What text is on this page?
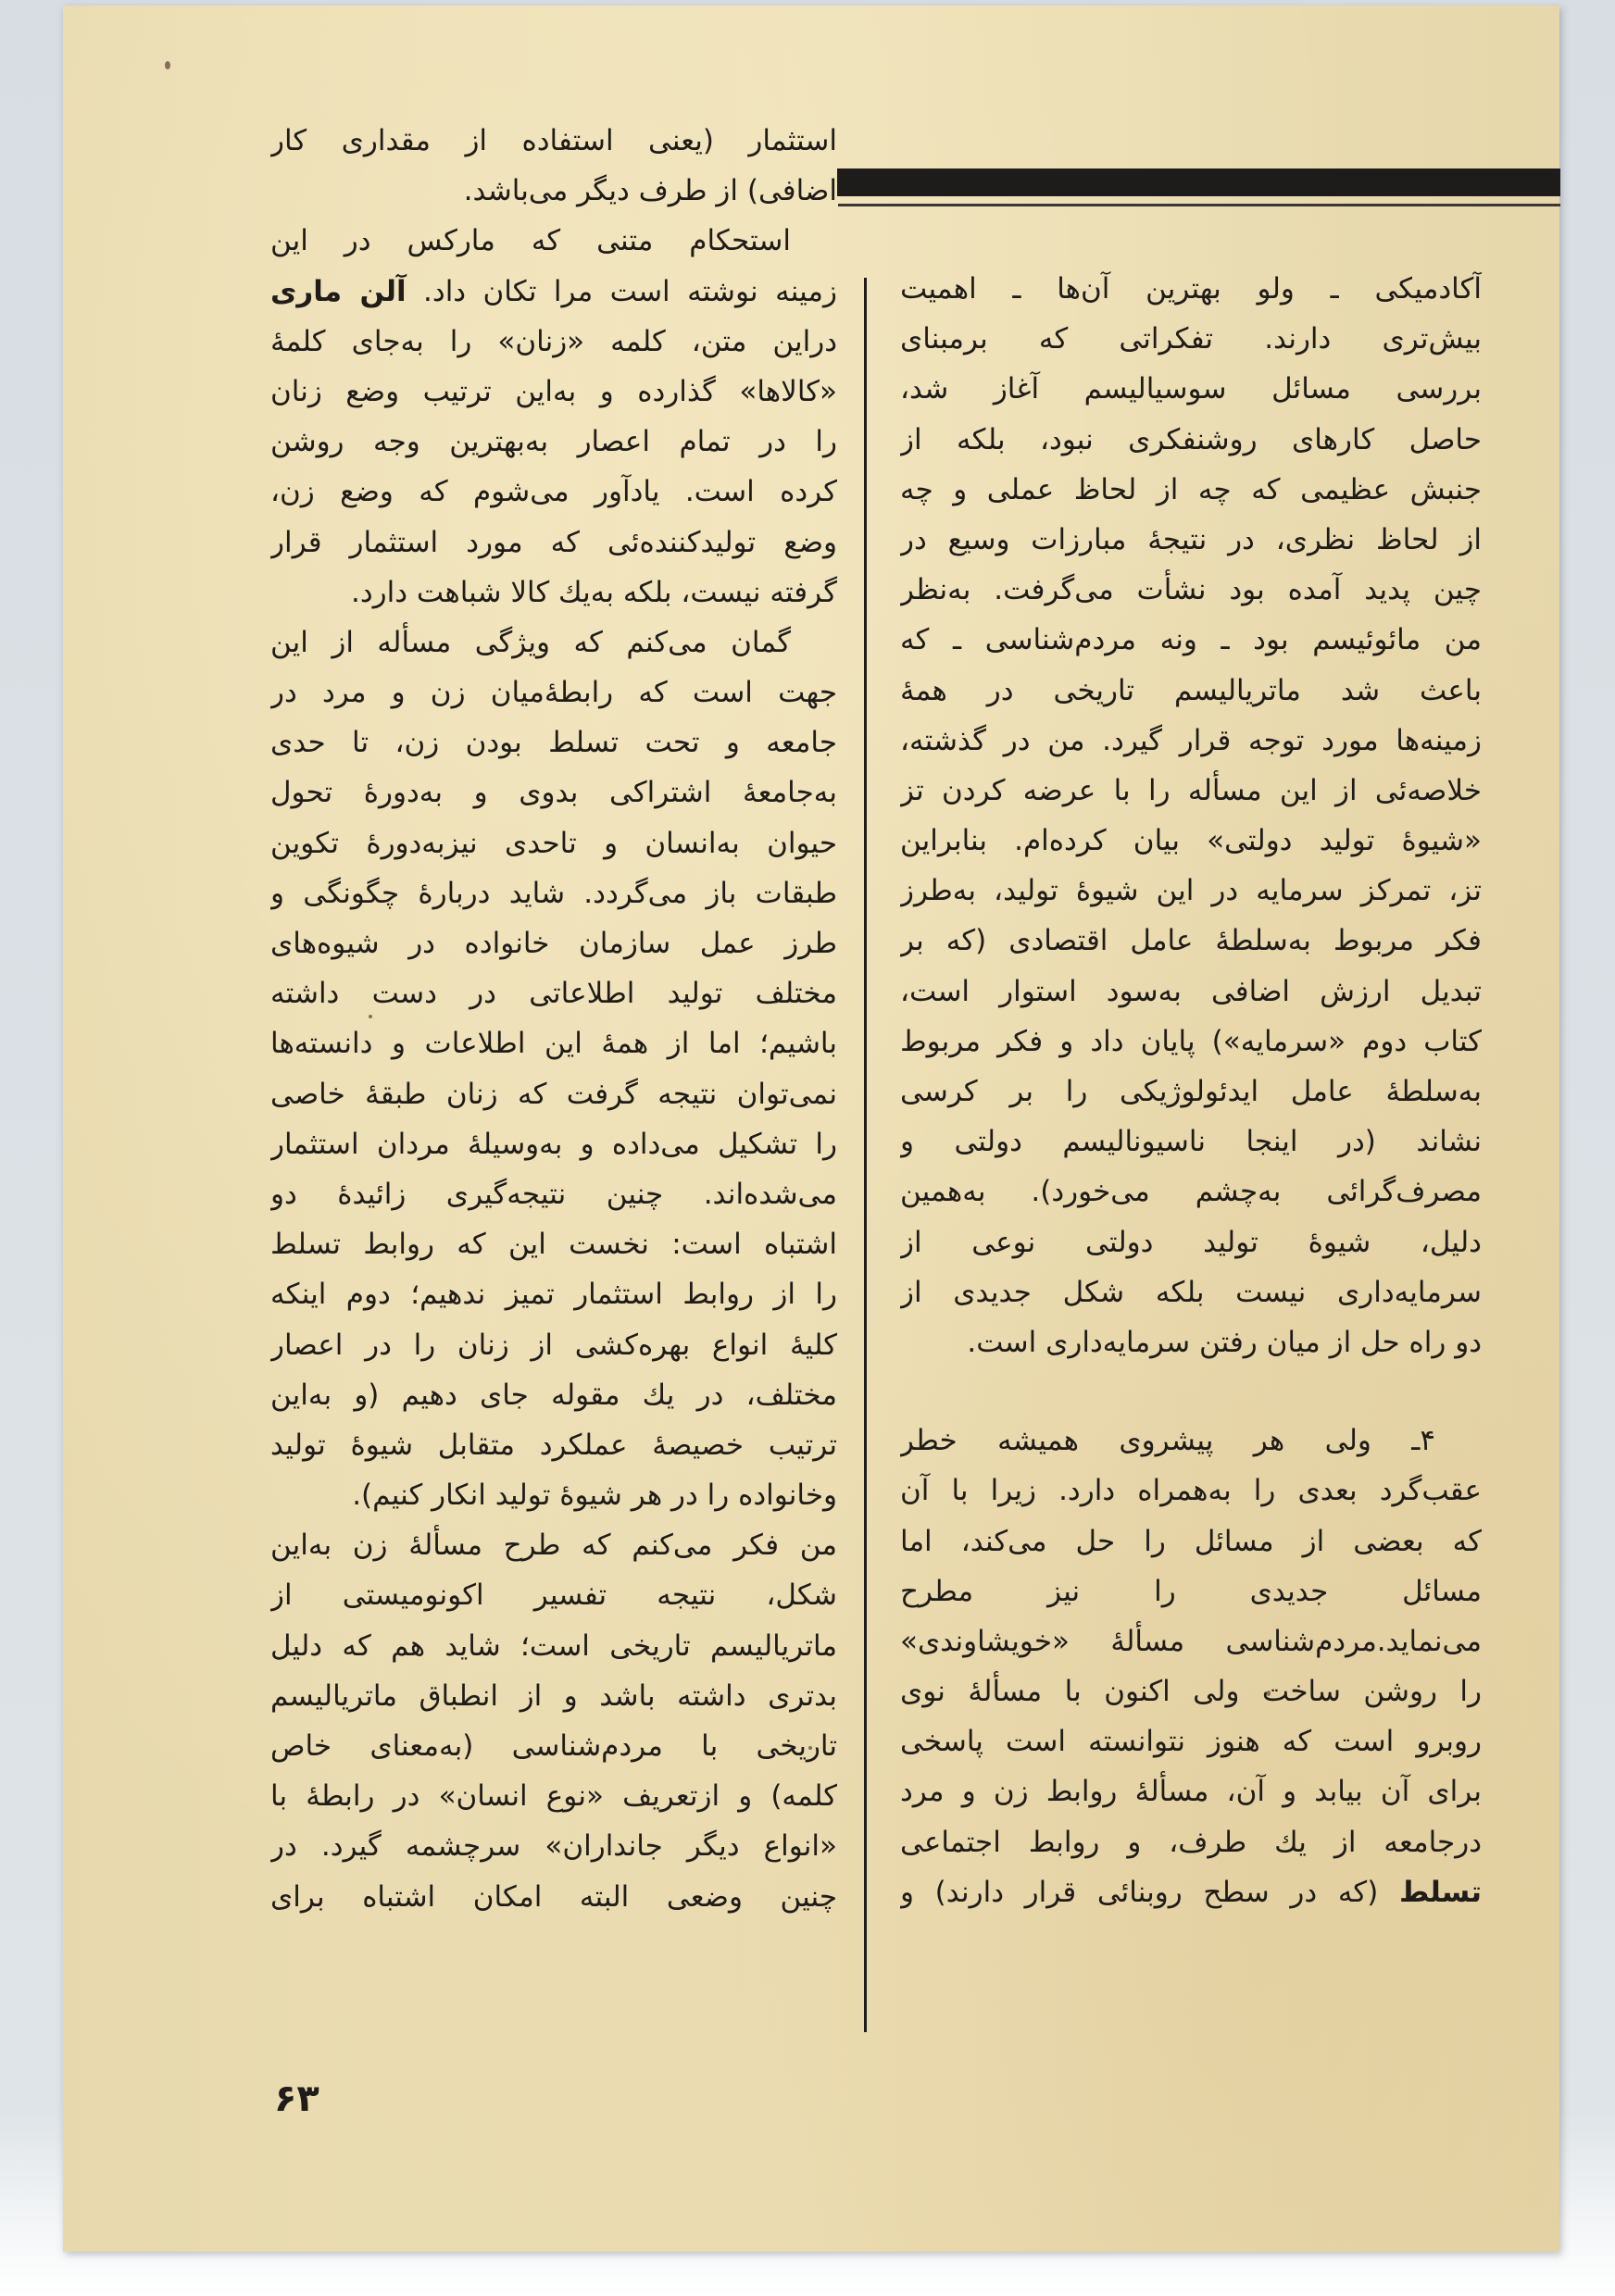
استثمار (یعنی استفاده از مقداری کار
اضافی) از طرف دیگر می‌باشد.
استحکام متنی که مارکس در این
زمینه نوشته است مرا تکان داد. آلن ماری
دراین متن، کلمه «زنان» را به‌جای کلمهٔ
«کالاها» گذارده و به‌این ترتیب وضع زنان
را در تمام اعصار به‌بهترین وجه روشن
کرده است. یادآور می‌شوم که وضع زن،
وضع تولیدکننده‌ئی که مورد استثمار قرار
گرفته نیست، بلکه به‌یك کالا شباهت دارد.
گمان می‌کنم که ویژگی مسأله از این
جهت است که رابطهٔ‌میان زن و مرد در
جامعه و تحت تسلط بودن زن، تا حدی
به‌جامعهٔ اشتراکی بدوی و به‌دورهٔ تحول
حیوان به‌انسان و تاحدی نیزبه‌دورهٔ تکوین
طبقات باز می‌گردد. شاید دربارهٔ چگونگی و
طرز عمل سازمان خانواده در شیوه‌های
مختلف تولید اطلاعاتی در دست داشته
باشیم؛ اما از همهٔ این اطلاعات و دانسته‌ها
نمی‌توان نتیجه گرفت که زنان طبقهٔ خاصی
را تشکیل می‌داده و به‌وسیلهٔ مردان استثمار
می‌شده‌اند. چنین نتیجه‌گیری زائیدهٔ دو
اشتباه است: نخست این که روابط تسلط
را از روابط استثمار تمیز ندهیم؛ دوم اینکه
کلیهٔ انواع بهره‌کشی از زنان را در اعصار
مختلف، در یك مقوله جای دهیم (و به‌این
ترتیب خصیصهٔ عملکرد متقابل شیوهٔ تولید
وخانواده را در هر شیوهٔ تولید انکار کنیم).
من فکر می‌کنم که طرح مسألهٔ زن به‌این
شکل، نتیجه تفسیر اکونومیستی از
ماتریالیسم تاریخی است؛ شاید هم که دلیل
بدتری داشته باشد و از انطباق ماتریالیسم
تاریخی با مردم‌شناسی (به‌معنای خاص
کلمه) و ازتعریف «نوع انسان» در رابطهٔ با
«انواع دیگر جانداران» سرچشمه گیرد. در
چنین وضعی البته امکان اشتباه برای
آکادمیکی ـ ولو بهترین آن‌ها ـ اهمیت
بیش‌تری دارند. تفکراتی که برمبنای
بررسی مسائل سوسیالیسم آغاز شد،
حاصل کارهای روشنفکری نبود، بلکه از
جنبش عظیمی که چه از لحاظ عملی و چه
از لحاظ نظری، در نتیجهٔ مبارزات وسیع در
چین پدید آمده بود نشأت می‌گرفت. به‌نظر
من مائوئیسم بود ـ ونه مردم‌شناسی ـ که
باعث شد ماتریالیسم تاریخی در همهٔ
زمینه‌ها مورد توجه قرار گیرد. من در گذشته،
خلاصه‌ئی از این مسأله را با عرضه کردن تز
«شیوهٔ تولید دولتی» بیان کرده‌ام. بنابراین
تز، تمرکز سرمایه در این شیوهٔ تولید، به‌طرز
فکر مربوط به‌سلطهٔ عامل اقتصادی (که بر
تبدیل ارزش اضافی به‌سود استوار است،
کتاب دوم «سرمایه») پایان داد و فکر مربوط
به‌سلطهٔ عامل ایدئولوژیکی را بر کرسی
نشاند (در اینجا ناسیونالیسم دولتی و
مصرف‌گرائی به‌چشم می‌خورد). به‌همین
دلیل، شیوهٔ تولید دولتی نوعی از
سرمایه‌داری نیست بلکه شکل جدیدی از
دو راه حل از میان رفتن سرمایه‌داری است.
۴ـ ولی هر پیشروی همیشه خطر
عقب‌گرد بعدی را به‌همراه دارد. زیرا با آن
که بعضی از مسائل را حل می‌کند، اما
مسائل جدیدی را نیز مطرح
می‌نماید.مردم‌شناسی مسألهٔ «خویشاوندی»
را روشن ساخت ولی اکنون با مسألهٔ نوی
روبرو است که هنوز نتوانسته است پاسخی
برای آن بیابد و آن، مسألهٔ روابط زن و مرد
درجامعه از یك طرف، و روابط اجتماعی
تسلط (که در سطح روبنائی قرار دارند) و
۶۳
